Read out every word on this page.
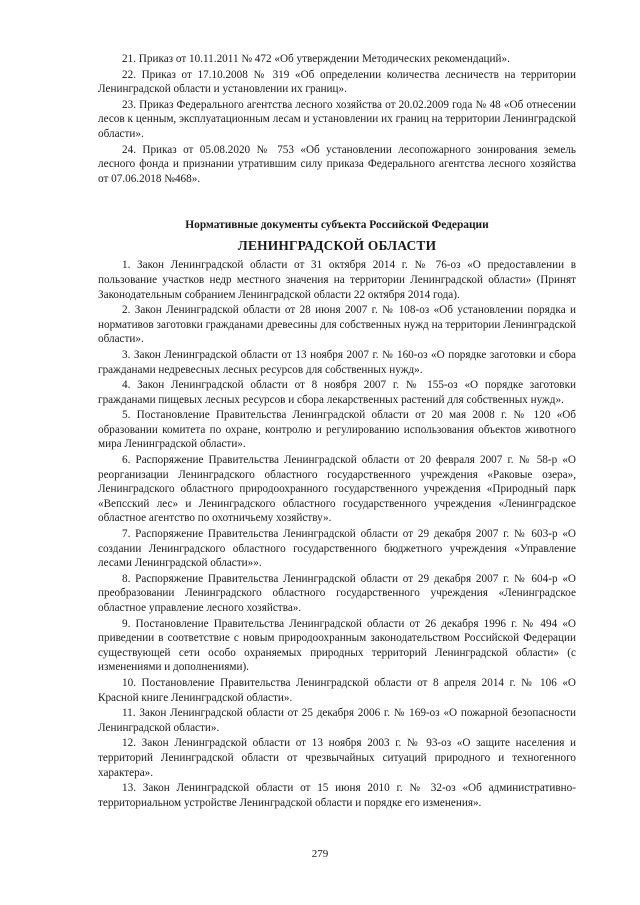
21. Приказ от 10.11.2011 № 472 «Об утверждении Методических рекомендаций».

22. Приказ от 17.10.2008 № 319 «Об определении количества лесничеств на территории Ленинградской области и установлении их границ».

23. Приказ Федерального агентства лесного хозяйства от 20.02.2009 года № 48 «Об отнесении лесов к ценным, эксплуатационным лесам и установлении их границ на территории Ленинградской области».

24. Приказ от 05.08.2020 № 753 «Об установлении лесопожарного зонирования земель лесного фонда и признании утратившим силу приказа Федерального агентства лесного хозяйства от 07.06.2018 №468».

Нормативные документы субъекта Российской Федерации

ЛЕНИНГРАДСКОЙ ОБЛАСТИ

1. Закон Ленинградской области от 31 октября 2014 г. № 76-оз «О предоставлении в пользование участков недр местного значения на территории Ленинградской области» (Принят Законодательным собранием Ленинградской области 22 октября 2014 года).

2. Закон Ленинградской области от 28 июня 2007 г. № 108-оз «Об установлении порядка и нормативов заготовки гражданами древесины для собственных нужд на территории Ленинградской области».

3. Закон Ленинградской области от 13 ноября 2007 г. № 160-оз «О порядке заготовки и сбора гражданами недревесных лесных ресурсов для собственных нужд».

4. Закон Ленинградской области от 8 ноября 2007 г. № 155-оз «О порядке заготовки гражданами пищевых лесных ресурсов и сбора лекарственных растений для собственных нужд».

5. Постановление Правительства Ленинградской области от 20 мая 2008 г. № 120 «Об образовании комитета по охране, контролю и регулированию использования объектов животного мира Ленинградской области».

6. Распоряжение Правительства Ленинградской области от 20 февраля 2007 г. № 58-р «О реорганизации Ленинградского областного государственного учреждения «Раковые озера», Ленинградского областного природоохранного государственного учреждения «Природный парк «Вепсский лес» и Ленинградского областного государственного учреждения «Ленинградское областное агентство по охотничьему хозяйству».

7. Распоряжение Правительства Ленинградской области от 29 декабря 2007 г. № 603-р «О создании Ленинградского областного государственного бюджетного учреждения «Управление лесами Ленинградской области»».

8. Распоряжение Правительства Ленинградской области от 29 декабря 2007 г. № 604-р «О преобразовании Ленинградского областного государственного учреждения «Ленинградское областное управление лесного хозяйства».

9. Постановление Правительства Ленинградской области от 26 декабря 1996 г. № 494 «О приведении в соответствие с новым природоохранным законодательством Российской Федерации существующей сети особо охраняемых природных территорий Ленинградской области» (с изменениями и дополнениями).

10. Постановление Правительства Ленинградской области от 8 апреля 2014 г. № 106 «О Красной книге Ленинградской области».

11. Закон Ленинградской области от 25 декабря 2006 г. № 169-оз «О пожарной безопасности Ленинградской области».

12. Закон Ленинградской области от 13 ноября 2003 г. № 93-оз «О защите населения и территорий Ленинградской области от чрезвычайных ситуаций природного и техногенного характера».

13. Закон Ленинградской области от 15 июня 2010 г. № 32-оз «Об административно-территориальном устройстве Ленинградской области и порядке его изменения».

279
